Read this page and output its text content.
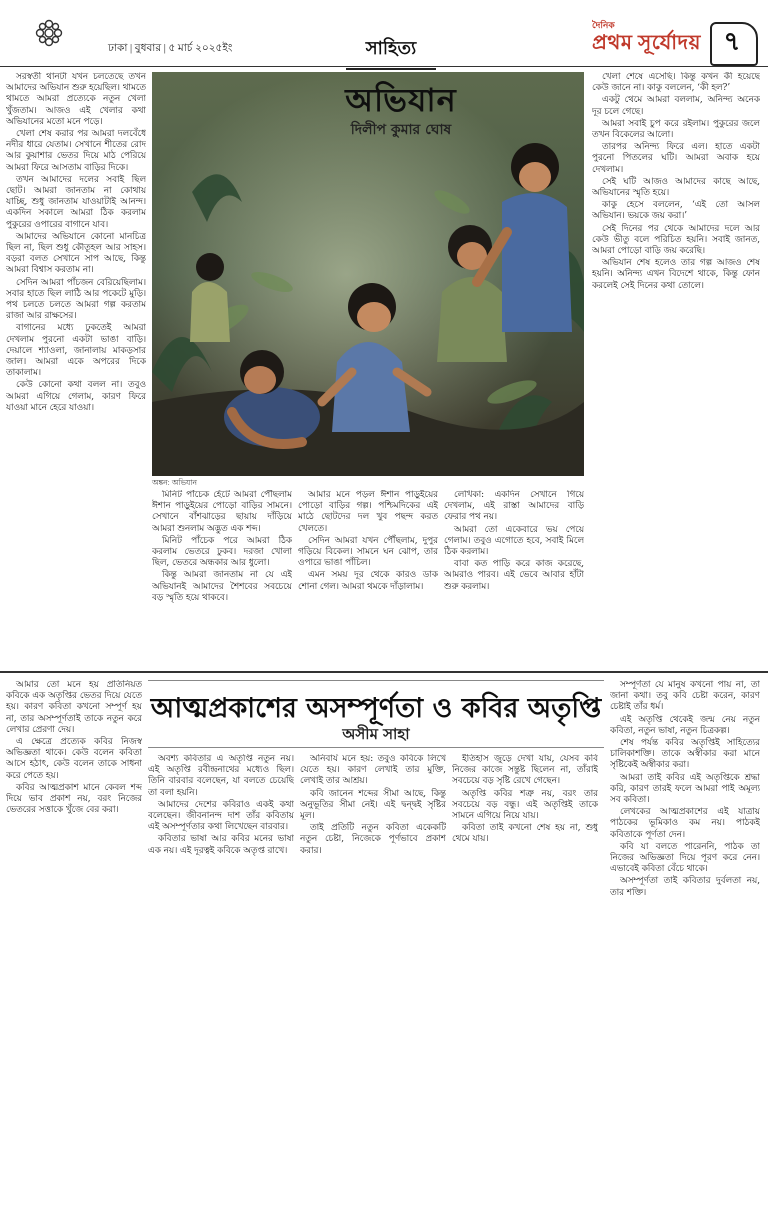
ঢাকা | বুধবার | ৫ মার্চ ২০২৫ইং	সাহিত্য
দৈনিক
প্রথম সূর্যোদয় ৭

সরস্বতী থানটা যখন চলতেছে তখন আমাদের অভিযান শুরু হয়েছিল। থামতে থামতে আমরা প্রত্যেকে নতুন খেলা খুঁজতাম। আজও এই খেলার কথা অভিযানের মতো মনে পড়ে।

খেলা শেষ করার পর আমরা দলবেঁধে নদীর ধারে যেতাম। সেখানে শীতের রোদ আর কুয়াশার ভেতর দিয়ে মাঠ পেরিয়ে আমরা ফিরে আসতাম বাড়ির দিকে।

তখন আমাদের দলের সবাই ছিল ছোট। আমরা জানতাম না কোথায় যাচ্ছি, শুধু জানতাম যাওয়াটাই আনন্দ। একদিন সকালে আমরা ঠিক করলাম পুকুরের ওপারের বাগানে যাব।

আমাদের অভিযানে কোনো মানচিত্র ছিল না, ছিল শুধু কৌতূহল আর সাহস। বড়রা বলত সেখানে সাপ আছে, কিন্তু আমরা বিশ্বাস করতাম না।

সেদিন আমরা পাঁচজন বেরিয়েছিলাম। সবার হাতে ছিল লাঠি আর পকেটে মুড়ি। পথ চলতে চলতে আমরা গল্প করতাম রাজা আর রাক্ষসের।

বাগানের মধ্যে ঢুকতেই আমরা দেখলাম পুরনো একটা ভাঙা বাড়ি। দেয়ালে শ্যাওলা, জানালায় মাকড়সার জাল। আমরা একে অপরের দিকে তাকালাম।

কেউ কোনো কথা বলল না। তবুও আমরা এগিয়ে গেলাম, কারণ ফিরে যাওয়া মানে হেরে যাওয়া।

অভিযান
দিলীপ কুমার ঘোষ
অঙ্কন: অভিযান

মিনিট পাঁচেক হেঁটে আমরা পৌঁছলাম ঈশান পাড়ুইয়ের পোড়ো বাড়ির সামনে। সেখানে বাঁশঝাড়ের ছায়ায় দাঁড়িয়ে আমরা শুনলাম অদ্ভুত এক শব্দ।

মিনিট পাঁচেক পরে আমরা ঠিক করলাম ভেতরে ঢুকব। দরজা খোলা ছিল, ভেতরে অন্ধকার আর ধুলো।

কিন্তু আমরা জানতাম না যে এই অভিযানই আমাদের শৈশবের সবচেয়ে বড় স্মৃতি হয়ে থাকবে।

আমার মনে পড়ল ঈশান পাড়ুইয়ের পোড়ো বাড়ির গল্প। পশ্চিমদিকের এই মাঠে ছোটদের দল খুব পছন্দ করত খেলতে।

সেদিন আমরা যখন পৌঁছলাম, দুপুর গড়িয়ে বিকেল। সামনে ঘন ঝোপ, তার ওপারে ভাঙা পাঁচিল।

এমন সময় দূর থেকে কারও ডাক শোনা গেল। আমরা থমকে দাঁড়ালাম।

লেখিকা: একদিন সেখানে গিয়ে দেখলাম, এই রাস্তা আমাদের বাড়ি ফেরার পথ নয়।

আমরা তো একেবারে ভয় পেয়ে গেলাম। তবুও এগোতে হবে, সবাই মিলে ঠিক করলাম।

বাবা কত পাড়ি করে কাজ করেছে, আমরাও পারব। এই ভেবে আবার হাঁটা শুরু করলাম।

খেলা শেষে এসেছি। কিন্তু কখন কী হয়েছে কেউ জানে না। কাকু বললেন, ‘কী হল?’

একটু থেমে আমরা বললাম, অনিন্দ্য অনেক দূর চলে গেছে।

আমরা সবাই চুপ করে রইলাম। পুকুরের জলে তখন বিকেলের আলো।

তারপর অনিন্দ্য ফিরে এল। হাতে একটা পুরনো পিতলের ঘটি। আমরা অবাক হয়ে দেখলাম।

সেই ঘটি আজও আমাদের কাছে আছে, অভিযানের স্মৃতি হয়ে।

কাকু হেসে বললেন, ‘এই তো আসল অভিযান। ভয়কে জয় করা।’

সেই দিনের পর থেকে আমাদের দলে আর কেউ ভীতু বলে পরিচিত হয়নি। সবাই জানত, আমরা পোড়ো বাড়ি জয় করেছি।

অভিযান শেষ হলেও তার গল্প আজও শেষ হয়নি। অনিন্দ্য এখন বিদেশে থাকে, কিন্তু ফোন করলেই সেই দিনের কথা তোলে।

আত্মপ্রকাশের অসম্পূর্ণতা ও কবির অতৃপ্তি
অসীম সাহা

আমার তো মনে হয় প্রতিনিয়ত কবিকে এক অতৃপ্তির ভেতর দিয়ে যেতে হয়। কারণ কবিতা কখনো সম্পূর্ণ হয় না, তার অসম্পূর্ণতাই তাকে নতুন করে লেখার প্রেরণা দেয়।

এ ক্ষেত্রে প্রত্যেক কবির নিজস্ব অভিজ্ঞতা থাকে। কেউ বলেন কবিতা আসে হঠাৎ, কেউ বলেন তাকে সাধনা করে পেতে হয়।

কবির আত্মপ্রকাশ মানে কেবল শব্দ দিয়ে ভাব প্রকাশ নয়, বরং নিজের ভেতরের সত্তাকে খুঁজে বের করা।

অবশ্য কবিতার এ অতৃপ্তি নতুন নয়। এই অতৃপ্তি রবীন্দ্রনাথের মধ্যেও ছিল। তিনি বারবার বলেছেন, যা বলতে চেয়েছি তা বলা হয়নি।

আমাদের দেশের কবিরাও একই কথা বলেছেন। জীবনানন্দ দাশ তাঁর কবিতায় এই অসম্পূর্ণতার কথা লিখেছেন বারবার।

কবিতার ভাষা আর কবির মনের ভাষা এক নয়। এই দূরত্বই কবিকে অতৃপ্ত রাখে।

অনিবার্য মনে হয়: তবুও কবিকে লিখে যেতে হয়। কারণ লেখাই তার মুক্তি, লেখাই তার আশ্রয়।

কবি জানেন শব্দের সীমা আছে, কিন্তু অনুভূতির সীমা নেই। এই দ্বন্দ্বই সৃষ্টির মূল।

তাই প্রতিটি নতুন কবিতা একেকটি নতুন চেষ্টা, নিজেকে পূর্ণভাবে প্রকাশ করার।

ইতিহাস জুড়ে দেখা যায়, যেসব কবি নিজের কাজে সন্তুষ্ট ছিলেন না, তাঁরাই সবচেয়ে বড় সৃষ্টি রেখে গেছেন।

অতৃপ্তি কবির শত্রু নয়, বরং তার সবচেয়ে বড় বন্ধু। এই অতৃপ্তিই তাকে সামনে এগিয়ে নিয়ে যায়।

কবিতা তাই কখনো শেষ হয় না, শুধু থেমে যায়।

সম্পূর্ণতা যে মানুষ কখনো পায় না, তা জানা কথা। তবু কবি চেষ্টা করেন, কারণ চেষ্টাই তাঁর ধর্ম।

এই অতৃপ্তি থেকেই জন্ম নেয় নতুন কবিতা, নতুন ভাষা, নতুন চিত্রকল্প।

শেষ পর্যন্ত কবির অতৃপ্তিই সাহিত্যের চালিকাশক্তি। তাকে অস্বীকার করা মানে সৃষ্টিকেই অস্বীকার করা।

আমরা তাই কবির এই অতৃপ্তিকে শ্রদ্ধা করি, কারণ তারই ফলে আমরা পাই অমূল্য সব কবিতা।

লেখকের আত্মপ্রকাশের এই যাত্রায় পাঠকের ভূমিকাও কম নয়। পাঠকই কবিতাকে পূর্ণতা দেন।

কবি যা বলতে পারেননি, পাঠক তা নিজের অভিজ্ঞতা দিয়ে পূরণ করে নেন। এভাবেই কবিতা বেঁচে থাকে।

অসম্পূর্ণতা তাই কবিতার দুর্বলতা নয়, তার শক্তি।
